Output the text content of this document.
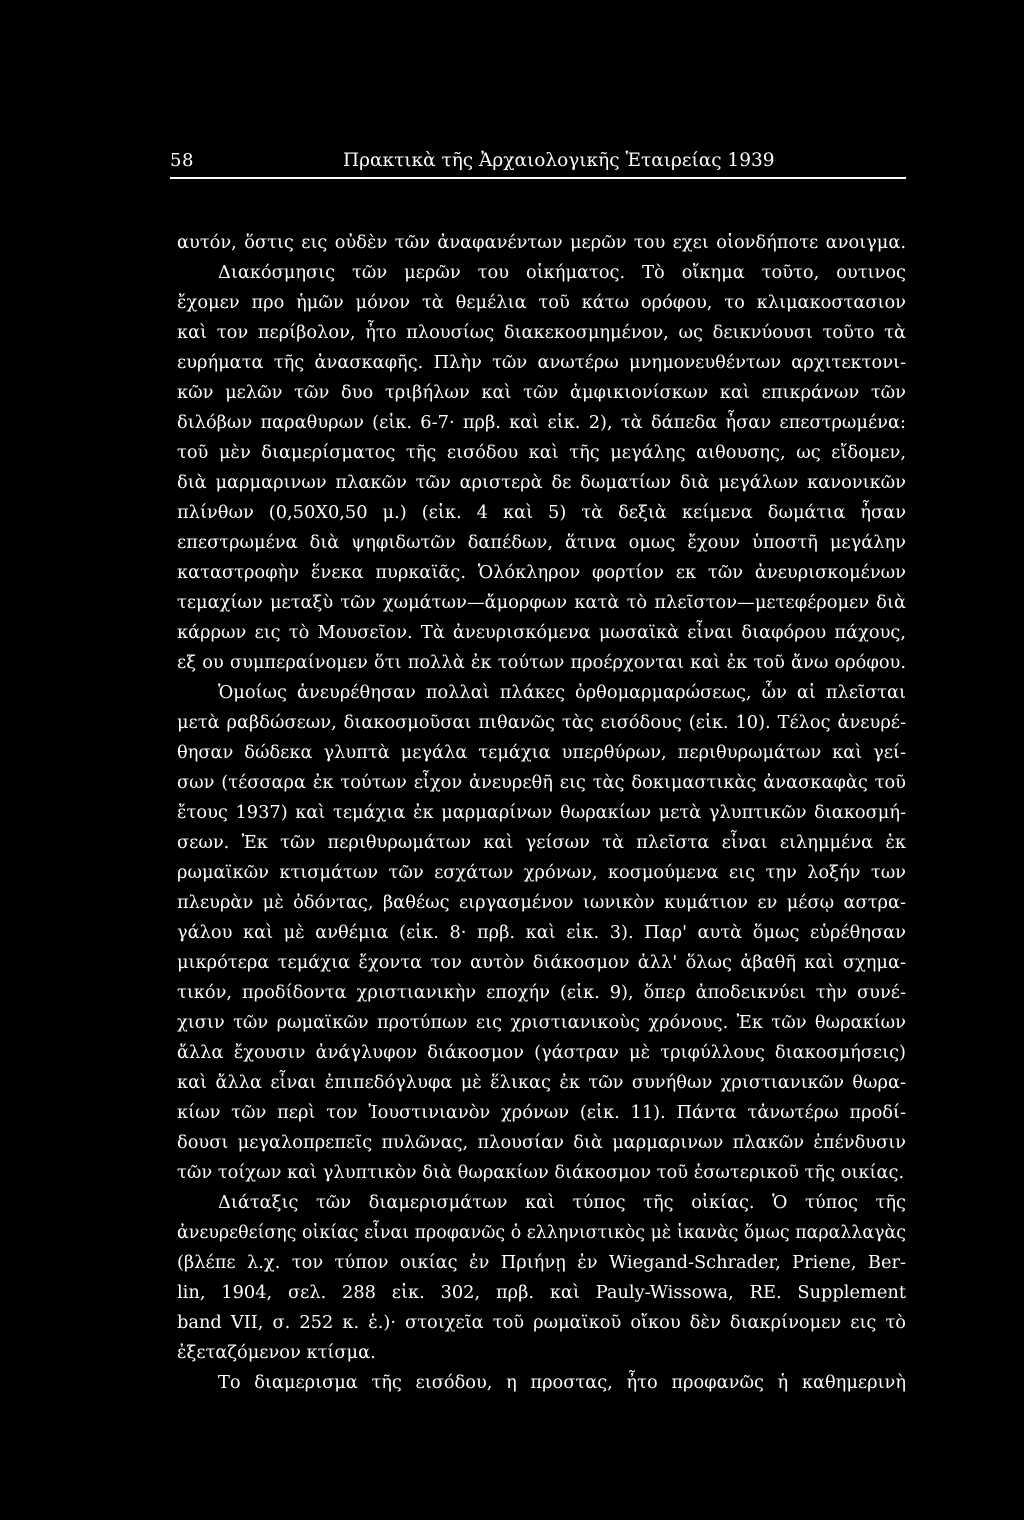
58	Πρακτικὰ τῆς Ἀρχαιολογικῆς Ἑταιρείας 1939
αυτόν, ὅστις εις οὐδὲν τῶν ἀναφανέντων μερῶν του εχει οἱονδήποτε ανοιγμα.
Διακόσμησις τῶν μερῶν του οἰκήματος. Τὸ οἴκημα τοῦτο, ουτινος
ἔχομεν προ ἡμῶν μόνον τὰ θεμέλια τοῦ κάτω ορόφου, το κλιμακοστασιον
καὶ τον περίβολον, ἦτο πλουσίως διακεκοσμημένον, ως δεικνύουσι τοῦτο τὰ
ευρήματα τῆς ἀνασκαφῆς. Πλὴν τῶν ανωτέρω μνημονευθέντων αρχιτεκτονι-
κῶν μελῶν τῶν δυο τριβήλων καὶ τῶν ἀμφικιονίσκων καὶ επικράνων τῶν
διλόβων παραθυρων (εἰκ. 6-7· πρβ. καὶ εἰκ. 2), τὰ δάπεδα ἦσαν επεστρωμένα:
τοῦ μὲν διαμερίσματος τῆς εισόδου καὶ τῆς μεγάλης αιθουσης, ως εἴδομεν,
διὰ μαρμαρινων πλακῶν τῶν αριστερὰ δε δωματίων διὰ μεγάλων κανονικῶν
πλίνθων (0,50Χ0,50 μ.) (εἰκ. 4 καὶ 5) τὰ δεξιὰ κείμενα δωμάτια ἦσαν
επεστρωμένα διὰ ψηφιδωτῶν δαπέδων, ἅτινα ομως ἔχουν ὑποστῆ μεγάλην
καταστροφὴν ἕνεκα πυρκαϊᾶς. Ὁλόκληρον φορτίον εκ τῶν ἀνευρισκομένων
τεμαχίων μεταξὺ τῶν χωμάτων—ἄμορφων κατὰ τὸ πλεῖστον—μετεφέρομεν διὰ
κάρρων εις τὸ Μουσεῖον. Τὰ ἀνευρισκόμενα μωσαϊκὰ εἶναι διαφόρου πάχους,
εξ ου συμπεραίνομεν ὅτι πολλὰ ἐκ τούτων προέρχονται καὶ ἐκ τοῦ ἄνω ορόφου.
Ὁμοίως ἀνευρέθησαν πολλαὶ πλάκες ὀρθομαρμαρώσεως, ὧν αἱ πλεῖσται
μετὰ ραβδώσεων, διακοσμοῦσαι πιθανῶς τὰς εισόδους (εἰκ. 10). Τέλος ἀνευρέ-
θησαν δώδεκα γλυπτὰ μεγάλα τεμάχια υπερθύρων, περιθυρωμάτων καὶ γεί-
σων (τέσσαρα ἐκ τούτων εἶχον ἀνευρεθῆ εις τὰς δοκιμαστικὰς ἀνασκαφὰς τοῦ
ἔτους 1937) καὶ τεμάχια ἐκ μαρμαρίνων θωρακίων μετὰ γλυπτικῶν διακοσμή-
σεων. Ἐκ τῶν περιθυρωμάτων καὶ γείσων τὰ πλεῖστα εἶναι ειλημμένα ἐκ
ρωμαϊκῶν κτισμάτων τῶν εσχάτων χρόνων, κοσμούμενα εις την λοξήν των
πλευρὰν μὲ ὀδόντας, βαθέως ειργασμένον ιωνικὸν κυμάτιον εν μέσῳ αστρα-
γάλου καὶ μὲ ανθέμια (εἰκ. 8· πρβ. καὶ εἰκ. 3). Παρ' αυτὰ ὅμως εὑρέθησαν
μικρότερα τεμάχια ἔχοντα τον αυτὸν διάκοσμον ἀλλ' ὅλως ἀβαθῆ καὶ σχημα-
τικόν, προδίδοντα χριστιανικὴν εποχήν (εἰκ. 9), ὅπερ ἀποδεικνύει τὴν συνέ-
χισιν τῶν ρωμαϊκῶν προτύπων εις χριστιανικοὺς χρόνους. Ἐκ τῶν θωρακίων
ἄλλα ἔχουσιν ἀνάγλυφον διάκοσμον (γάστραν μὲ τριφύλλους διακοσμήσεις)
καὶ ἄλλα εἶναι ἐπιπεδόγλυφα μὲ ἕλικας ἐκ τῶν συνήθων χριστιανικῶν θωρα-
κίων τῶν περὶ τον Ἰουστινιανὸν χρόνων (εἰκ. 11). Πάντα τἀνωτέρω προδί-
δουσι μεγαλοπρεπεῖς πυλῶνας, πλουσίαν διὰ μαρμαρινων πλακῶν ἐπένδυσιν
τῶν τοίχων καὶ γλυπτικὸν διὰ θωρακίων διάκοσμον τοῦ ἐσωτερικοῦ τῆς οικίας.
Διάταξις τῶν διαμερισμάτων καὶ τύπος τῆς οἰκίας. Ὁ τύπος τῆς
ἀνευρεθείσης οἰκίας εἶναι προφανῶς ὁ ελληνιστικὸς μὲ ἱκανὰς ὅμως παραλλαγὰς
(βλέπε λ.χ. τον τύπον οικίας ἐν Πριήνῃ ἐν Wiegand-Schrader, Priene, Ber-
lin, 1904, σελ. 288 εἰκ. 302, πρβ. καὶ Pauly-Wissowa, RE. Supplement
band VII, σ. 252 κ. ἑ.)· στοιχεῖα τοῦ ρωμαϊκοῦ οἴκου δὲν διακρίνομεν εις τὸ
ἐξεταζόμενον κτίσμα.
Το διαμερισμα τῆς εισόδου, η προστας, ἦτο προφανῶς ἡ καθημερινὴ
